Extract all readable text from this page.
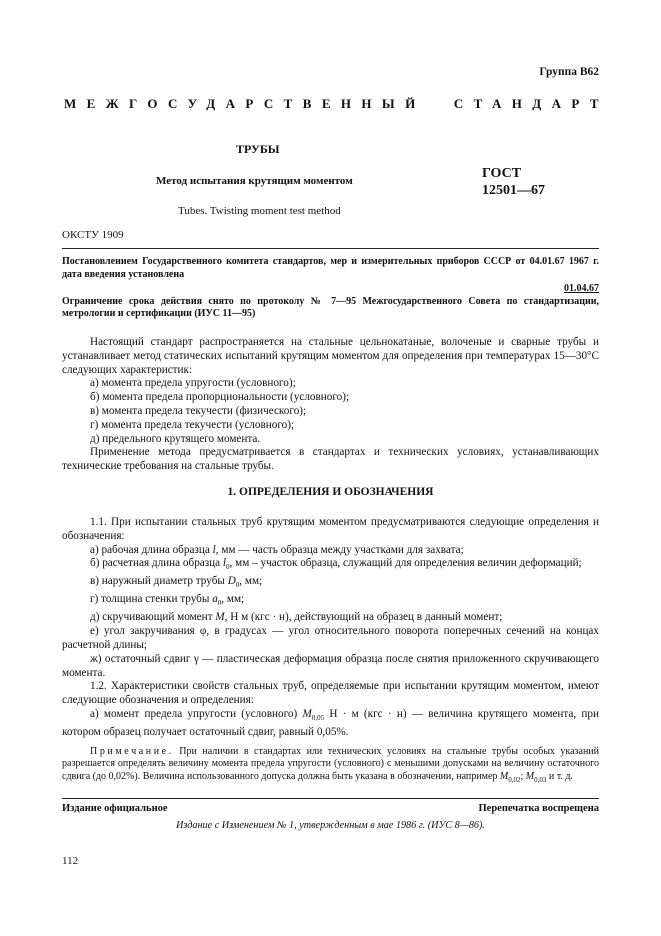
Группа В62
МЕЖГОСУДАРСТВЕННЫЙ СТАНДАРТ
ТРУБЫ
Метод испытания крутящим моментом	ГОСТ
12501—67
Tubes. Twisting moment test method
ОКСТУ 1909

Постановлением Государственного комитета стандартов, мер и измерительных приборов СССР от 04.01.67 1967 г. дата введения установлена

01.04.67

Ограничение срока действия снято по протоколу № 7—95 Межгосударственного Совета по стандартизации, метрологии и сертификации (ИУС 11—95)

Настоящий стандарт распространяется на стальные цельнокатаные, волоченые и сварные трубы и устанавливает метод статических испытаний крутящим моментом для определения при температурах 15—30°С следующих характеристик:

а) момента предела упругости (условного);

б) момента предела пропорциональности (условного);

в) момента предела текучести (физического);

г) момента предела текучести (условного);

д) предельного крутящего момента.

Применение метода предусматривается в стандартах и технических условиях, устанавливающих технические требования на стальные трубы.

1. ОПРЕДЕЛЕНИЯ И ОБОЗНАЧЕНИЯ

1.1. При испытании стальных труб крутящим моментом предусматриваются следующие определения и обозначения:

а) рабочая длина образца l, мм — часть образца между участками для захвата;

б) расчетная длина образца $l_0$, мм – участок образца, служащий для определения величин деформаций;

в) наружный диаметр трубы $D_0$, мм;

г) толщина стенки трубы $a_0$, мм;

д) скручивающий момент M, Н м (кгс · н), действующий на образец в данный момент;

е) угол закручивания φ, в градусах — угол относительного поворота поперечных сечений на концах расчетной длины;

ж) остаточный сдвиг γ — пластическая деформация образца после снятия приложенного скручивающего момента.

1.2. Характеристики свойств стальных труб, определяемые при испытании крутящим моментом, имеют следующие обозначения и определения:

а) момент предела упругости (условного) $M_{0,05}$ Н · м (кгс · н) — величина крутящего момента, при котором образец получает остаточный сдвиг, равный 0,05%.

Примечание. При наличии в стандартах или технических условиях на стальные трубы особых указаний разрешается определять величину момента предела упругости (условного) с меньшими допусками на величину остаточного сдвига (до 0,02%). Величина использованного допуска должна быть указана в обозначении, например $M_{0,02}$; $M_{0,03}$ и т. д.

Издание официальное	Перепечатка воспрещена
Издание с Изменением № 1, утвержденным в мае 1986 г. (ИУС 8—86).
112
